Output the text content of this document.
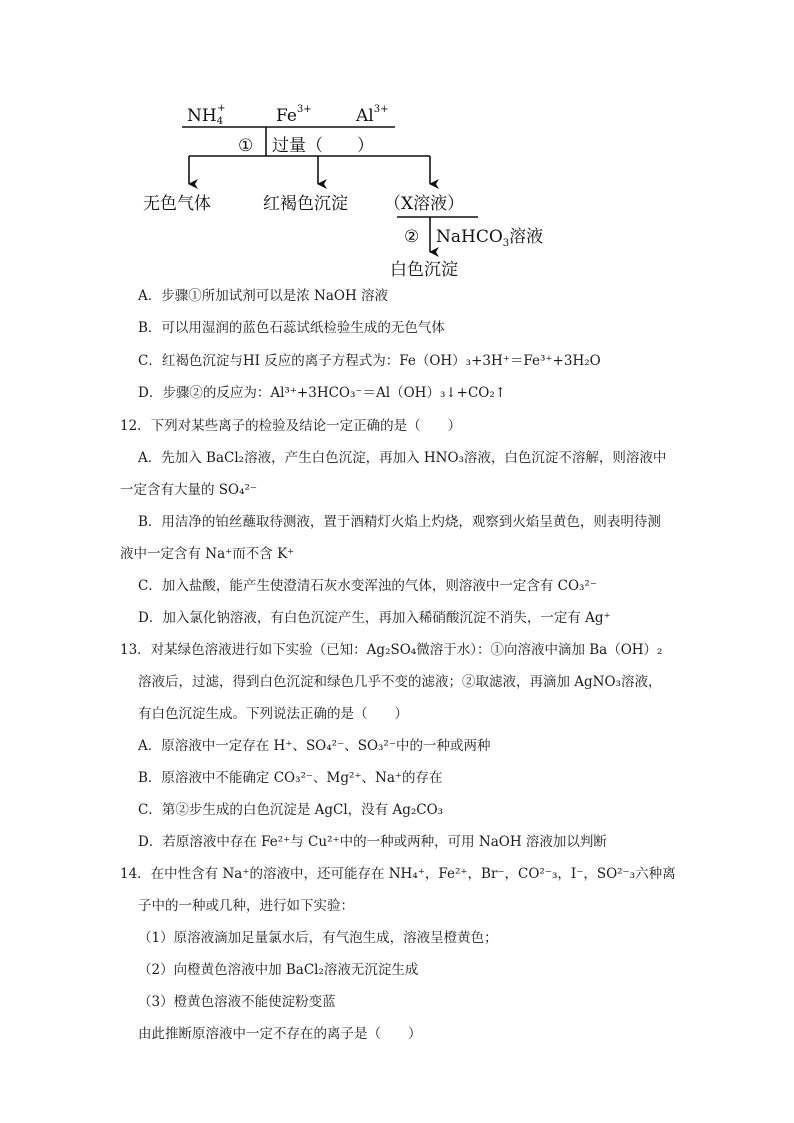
NH4+	$Fe^{3+}$	$Al^{3+}$
① 过量（　　）
无色气体	红褐色沉淀 （X溶液）
② NaHCO$_3$溶液
白色沉淀
A．步骤①所加试剂可以是浓 NaOH 溶液
B．可以用湿润的蓝色石蕊试纸检验生成的无色气体
C．红褐色沉淀与HI 反应的离子方程式为：Fe（OH）₃+3H⁺＝Fe³⁺+3H₂O
D．步骤②的反应为：Al³⁺+3HCO₃⁻＝Al（OH）₃↓+CO₂↑
12．下列对某些离子的检验及结论一定正确的是（　　）
A．先加入 BaCl₂溶液，产生白色沉淀，再加入 HNO₃溶液，白色沉淀不溶解，则溶液中
一定含有大量的 SO₄²⁻
B．用洁净的铂丝蘸取待测液，置于酒精灯火焰上灼烧，观察到火焰呈黄色，则表明待测
液中一定含有 Na⁺而不含 K⁺
C．加入盐酸，能产生使澄清石灰水变浑浊的气体，则溶液中一定含有 CO₃²⁻
D．加入氯化钠溶液，有白色沉淀产生，再加入稀硝酸沉淀不消失，一定有 Ag⁺
13．对某绿色溶液进行如下实验（已知：Ag₂SO₄微溶于水）：①向溶液中滴加 Ba（OH）₂
溶液后，过滤，得到白色沉淀和绿色几乎不变的滤液；②取滤液，再滴加 AgNO₃溶液，
有白色沉淀生成。下列说法正确的是（　　）
A．原溶液中一定存在 H⁺、SO₄²⁻、SO₃²⁻中的一种或两种
B．原溶液中不能确定 CO₃²⁻、Mg²⁺、Na⁺的存在
C．第②步生成的白色沉淀是 AgCl，没有 Ag₂CO₃
D．若原溶液中存在 Fe²⁺与 Cu²⁺中的一种或两种，可用 NaOH 溶液加以判断
14．在中性含有 Na⁺的溶液中，还可能存在 NH₄⁺，Fe²⁺，Br⁻，CO²⁻₃，I⁻，SO²⁻₃六种离
子中的一种或几种，进行如下实验：
（1）原溶液滴加足量氯水后，有气泡生成，溶液呈橙黄色；
（2）向橙黄色溶液中加 BaCl₂溶液无沉淀生成
（3）橙黄色溶液不能使淀粉变蓝
由此推断原溶液中一定不存在的离子是（　　）
